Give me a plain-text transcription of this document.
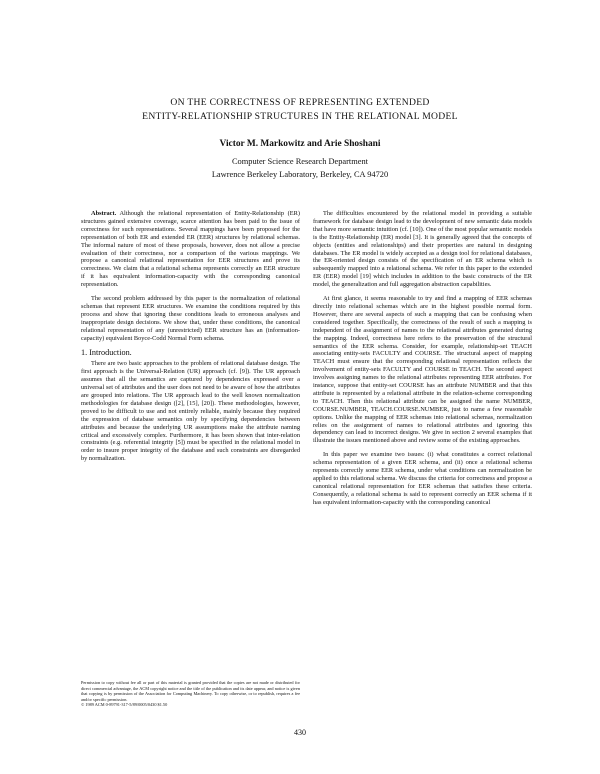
ON THE CORRECTNESS OF REPRESENTING EXTENDED
ENTITY-RELATIONSHIP STRUCTURES IN THE RELATIONAL MODEL
Victor M. Markowitz and Arie Shoshani
Computer Science Research Department
Lawrence Berkeley Laboratory, Berkeley, CA 94720

Abstract. Although the relational representation of Entity-Relationship (ER) structures gained extensive coverage, scarce attention has been paid to the issue of correctness for such representations. Several mappings have been proposed for the representation of both ER and extended ER (EER) structures by relational schemas. The informal nature of most of these proposals, however, does not allow a precise evaluation of their correctness, nor a comparison of the various mappings. We propose a canonical relational representation for EER structures and prove its correctness. We claim that a relational schema represents correctly an EER structure if it has equivalent information-capacity with the corresponding canonical representation.

The second problem addressed by this paper is the normalization of relational schemas that represent EER structures. We examine the conditions required by this process and show that ignoring these conditions leads to erroneous analyses and inappropriate design decisions. We show that, under these conditions, the canonical relational representation of any (unrestricted) EER structure has an (information-capacity) equivalent Boyce-Codd Normal Form schema.

1. Introduction.

There are two basic approaches to the problem of relational database design. The first approach is the Universal-Relation (UR) approach (cf. [9]). The UR approach assumes that all the semantics are captured by dependencies expressed over a universal set of attributes and the user does not need to be aware of how the attributes are grouped into relations. The UR approach lead to the well known normalization methodologies for database design ([2], [15], [20]). These methodologies, however, proved to be difficult to use and not entirely reliable, mainly because they required the expression of database semantics only by specifying dependencies between attributes and because the underlying UR assumptions make the attribute naming critical and excessively complex. Furthermore, it has been shown that inter-relation constraints (e.g. referential integrity [5]) must be specified in the relational model in order to insure proper integrity of the database and such constraints are disregarded by normalization.

Permission to copy without fee all or part of this material is granted provided that the copies are not made or distributed for direct commercial advantage, the ACM copyright notice and the title of the publication and its date appear, and notice is given that copying is by permission of the Association for Computing Machinery. To copy otherwise, or to republish, requires a fee and/or specific permission.
© 1989 ACM 0-89791-317-5/89/0005/0430 $1.50

The difficulties encountered by the relational model in providing a suitable framework for database design lead to the development of new semantic data models that have more semantic intuition (cf. [10]). One of the most popular semantic models is the Entity-Relationship (ER) model [3]. It is generally agreed that the concepts of objects (entities and relationships) and their properties are natural in designing databases. The ER model is widely accepted as a design tool for relational databases, the ER-oriented design consists of the specification of an ER schema which is subsequently mapped into a relational schema. We refer in this paper to the extended ER (EER) model [19] which includes in addition to the basic constructs of the ER model, the generalization and full aggregation abstraction capabilities.

At first glance, it seems reasonable to try and find a mapping of EER schemas directly into relational schemas which are in the highest possible normal form. However, there are several aspects of such a mapping that can be confusing when considered together. Specifically, the correctness of the result of such a mapping is independent of the assignment of names to the relational attributes generated during the mapping. Indeed, correctness here refers to the preservation of the structural semantics of the EER schema. Consider, for example, relationship-set TEACH associating entity-sets FACULTY and COURSE. The structural aspect of mapping TEACH must ensure that the corresponding relational representation reflects the involvement of entity-sets FACULTY and COURSE in TEACH. The second aspect involves assigning names to the relational attributes representing EER attributes. For instance, suppose that entity-set COURSE has an attribute NUMBER and that this attribute is represented by a relational attribute in the relation-scheme corresponding to TEACH. Then this relational attribute can be assigned the name NUMBER, COURSE.NUMBER, TEACH.COURSE.NUMBER, just to name a few reasonable options. Unlike the mapping of EER schemas into relational schemas, normalization relies on the assignment of names to relational attributes and ignoring this dependency can lead to incorrect designs. We give in section 2 several examples that illustrate the issues mentioned above and review some of the existing approaches.

In this paper we examine two issues: (i) what constitutes a correct relational schema representation of a given EER schema, and (ii) once a relational schema represents correctly some EER schema, under what conditions can normalization be applied to this relational schema. We discuss the criteria for correctness and propose a canonical relational representation for EER schemas that satisfies these criteria. Consequently, a relational schema is said to represent correctly an EER schema if it has equivalent information-capacity with the corresponding canonical

430
